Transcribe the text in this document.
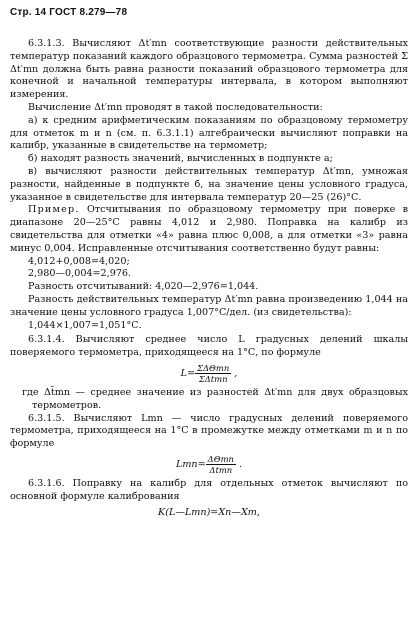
Стр. 14 ГОСТ 8.279—78

6.3.1.3. Вычисляют Δt′mn соответствующие разности действительных температур показаний каждого образцового термометра. Сумма разностей Σ Δt′mn должна быть равна разности показаний образцового термометра для конечной и начальной температуры интервала, в котором выполняют измерения.

Вычисление Δt′mn проводят в такой последовательности:

а) к средним арифметическим показаниям по образцовому термометру для отметок m и n (см. п. 6.3.1.1) алгебраически вычисляют поправки на калибр, указанные в свидетельстве на термометр;

б) находят разность значений, вычисленных в подпункте а;

в) вычисляют разности действительных температур Δt′mn, умножая разности, найденные в подпункте б, на значение цены условного градуса, указанное в свидетельстве для интервала температур 20—25 (26)°С.

Пример. Отсчитывания по образцовому термометру при поверке в диапазоне 20—25°С равны 4,012 и 2,980. Поправка на калибр из свидетельства для отметки «4» равна плюс 0,008, а для отметки «3» равна минус 0,004. Исправленные отсчитывания соответственно будут равны:

4,012+0,008=4,020;

2,980—0,004=2,976.

Разность отсчитываний: 4,020—2,976=1,044.

Разность действительных температур Δt′mn равна произведению 1,044 на значение цены условного градуса 1,007°С/дел. (из свидетельства):

1,044×1,007=1,051°С.

6.3.1.4. Вычисляют среднее число L градусных делений шкалы поверяемого термометра, приходящееся на 1°С, по формуле

$L= \frac{\text{ΣΔΘmn}}{\text{ΣΔt̄mn}}$ ,

где Δt̄mn — среднее значение из разностей Δt′mn для двух образцовых термометров.

6.3.1.5. Вычисляют Lmn — число градусных делений поверяемого термометра, приходящееся на 1°С в промежутке между отметками m и n по формуле

$Lmn= \frac{\text{ΔΘmn}}{\Delta t̄mn}$ .

6.3.1.6. Поправку на калибр для отдельных отметок вычисляют по основной формуле калибрования

K(L—Lmn)=Xn—Xm,
